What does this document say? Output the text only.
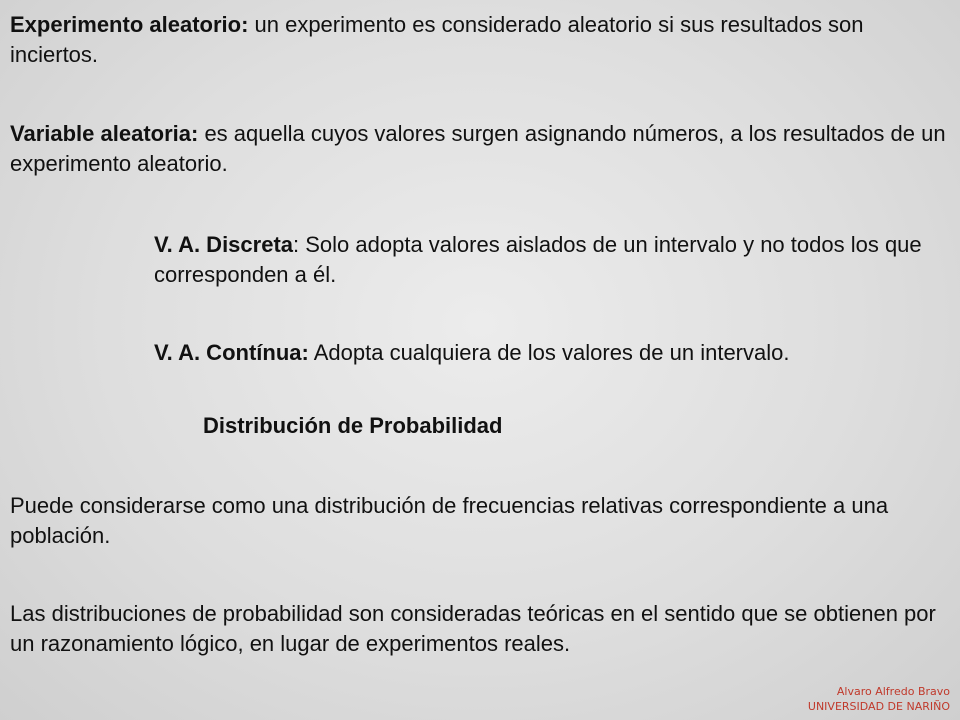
Experimento aleatorio: un experimento es considerado aleatorio si sus resultados son inciertos.

Variable aleatoria: es aquella cuyos valores surgen asignando números, a los resultados de un experimento aleatorio.

V. A. Discreta: Solo adopta valores aislados de un intervalo y no todos los que corresponden a él.

V. A. Contínua: Adopta cualquiera de los valores de un intervalo.

Distribución de Probabilidad

Puede considerarse como una distribución de frecuencias relativas correspondiente a una población.

Las distribuciones de probabilidad son consideradas teóricas en el sentido que se obtienen por un razonamiento lógico, en lugar de experimentos reales.

Alvaro Alfredo Bravo
UNIVERSIDAD DE NARIÑO
